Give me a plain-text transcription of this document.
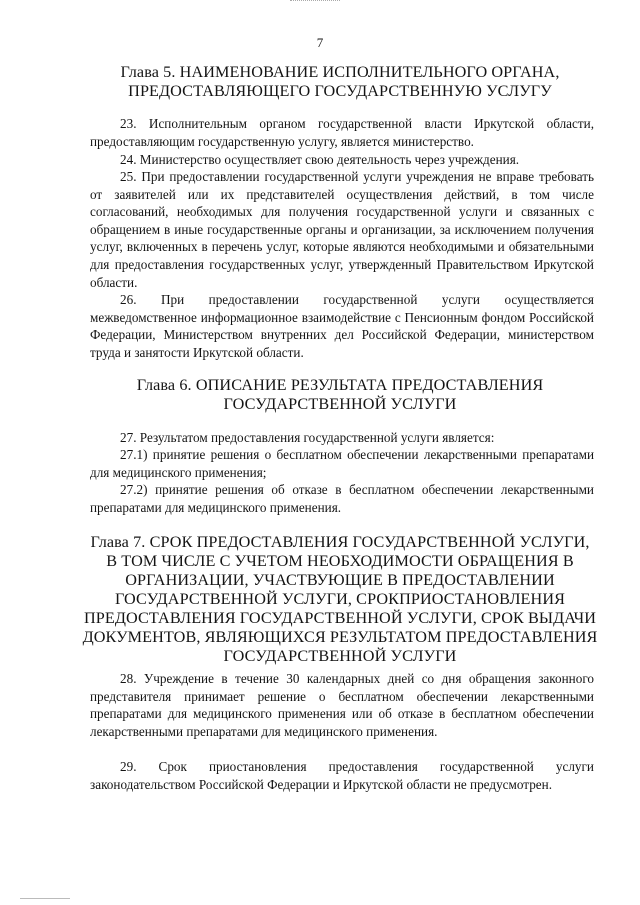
7
Глава 5. НАИМЕНОВАНИЕ ИСПОЛНИТЕЛЬНОГО ОРГАНА,
ПРЕДОСТАВЛЯЮЩЕГО ГОСУДАРСТВЕННУЮ УСЛУГУ
23. Исполнительным органом государственной власти Иркутской области, предоставляющим государственную услугу, является министерство.
24. Министерство осуществляет свою деятельность через учреждения.
25. При предоставлении государственной услуги учреждения не вправе требовать от заявителей или их представителей осуществления действий, в том числе согласований, необходимых для получения государственной услуги и связанных с обращением в иные государственные органы и организации, за исключением получения услуг, включенных в перечень услуг, которые являются необходимыми и обязательными для предоставления государственных услуг, утвержденный Правительством Иркутской области.
26. При предоставлении государственной услуги осуществляется межведомственное информационное взаимодействие с Пенсионным фондом Российской Федерации, Министерством внутренних дел Российской Федерации, министерством труда и занятости Иркутской области.
Глава 6. ОПИСАНИЕ РЕЗУЛЬТАТА ПРЕДОСТАВЛЕНИЯ
ГОСУДАРСТВЕННОЙ УСЛУГИ
27. Результатом предоставления государственной услуги является:
27.1) принятие решения о бесплатном обеспечении лекарственными препаратами для медицинского применения;
27.2) принятие решения об отказе в бесплатном обеспечении лекарственными препаратами для медицинского применения.
Глава 7. СРОК ПРЕДОСТАВЛЕНИЯ ГОСУДАРСТВЕННОЙ УСЛУГИ,
В ТОМ ЧИСЛЕ С УЧЕТОМ НЕОБХОДИМОСТИ ОБРАЩЕНИЯ В
ОРГАНИЗАЦИИ, УЧАСТВУЮЩИЕ В ПРЕДОСТАВЛЕНИИ
ГОСУДАРСТВЕННОЙ УСЛУГИ, СРОКПРИОСТАНОВЛЕНИЯ
ПРЕДОСТАВЛЕНИЯ ГОСУДАРСТВЕННОЙ УСЛУГИ, СРОК ВЫДАЧИ
ДОКУМЕНТОВ, ЯВЛЯЮЩИХСЯ РЕЗУЛЬТАТОМ ПРЕДОСТАВЛЕНИЯ
ГОСУДАРСТВЕННОЙ УСЛУГИ
28. Учреждение в течение 30 календарных дней со дня обращения законного представителя принимает решение о бесплатном обеспечении лекарственными препаратами для медицинского применения или об отказе в бесплатном обеспечении лекарственными препаратами для медицинского применения.
29. Срок приостановления предоставления государственной услуги законодательством Российской Федерации и Иркутской области не предусмотрен.
